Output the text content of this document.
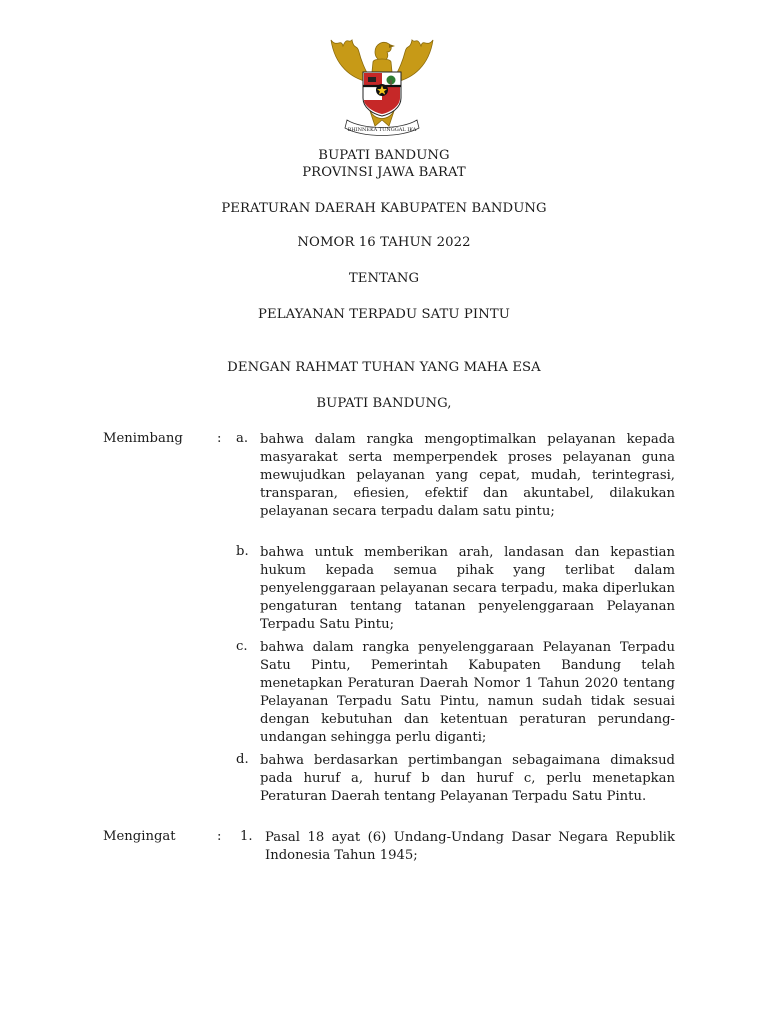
BHINNEKA TUNGGAL IKA
BUPATI BANDUNG
PROVINSI JAWA BARAT
PERATURAN DAERAH KABUPATEN BANDUNG
NOMOR 16 TAHUN 2022
TENTANG
PELAYANAN TERPADU SATU PINTU
DENGAN RAHMAT TUHAN YANG MAHA ESA
BUPATI BANDUNG,
Menimbang	:	a. bahwa dalam rangka mengoptimalkan pelayanan kepada masyarakat serta memperpendek proses pelayanan guna mewujudkan pelayanan yang cepat, mudah, terintegrasi, transparan, efiesien, efektif dan akuntabel, dilakukan pelayanan secara terpadu dalam satu pintu;
b. bahwa untuk memberikan arah, landasan dan kepastian hukum kepada semua pihak yang terlibat dalam penyelenggaraan pelayanan secara terpadu, maka diperlukan pengaturan tentang tatanan penyelenggaraan Pelayanan Terpadu Satu Pintu;
c. bahwa dalam rangka penyelenggaraan Pelayanan Terpadu Satu Pintu, Pemerintah Kabupaten Bandung telah menetapkan Peraturan Daerah Nomor 1 Tahun 2020 tentang Pelayanan Terpadu Satu Pintu, namun sudah tidak sesuai dengan kebutuhan dan ketentuan peraturan perundang-undangan sehingga perlu diganti;
d. bahwa berdasarkan pertimbangan sebagaimana dimaksud pada huruf a, huruf b dan huruf c, perlu menetapkan Peraturan Daerah tentang Pelayanan Terpadu Satu Pintu.
Mengingat	:	1. Pasal 18 ayat (6) Undang-Undang Dasar Negara Republik Indonesia Tahun 1945;
